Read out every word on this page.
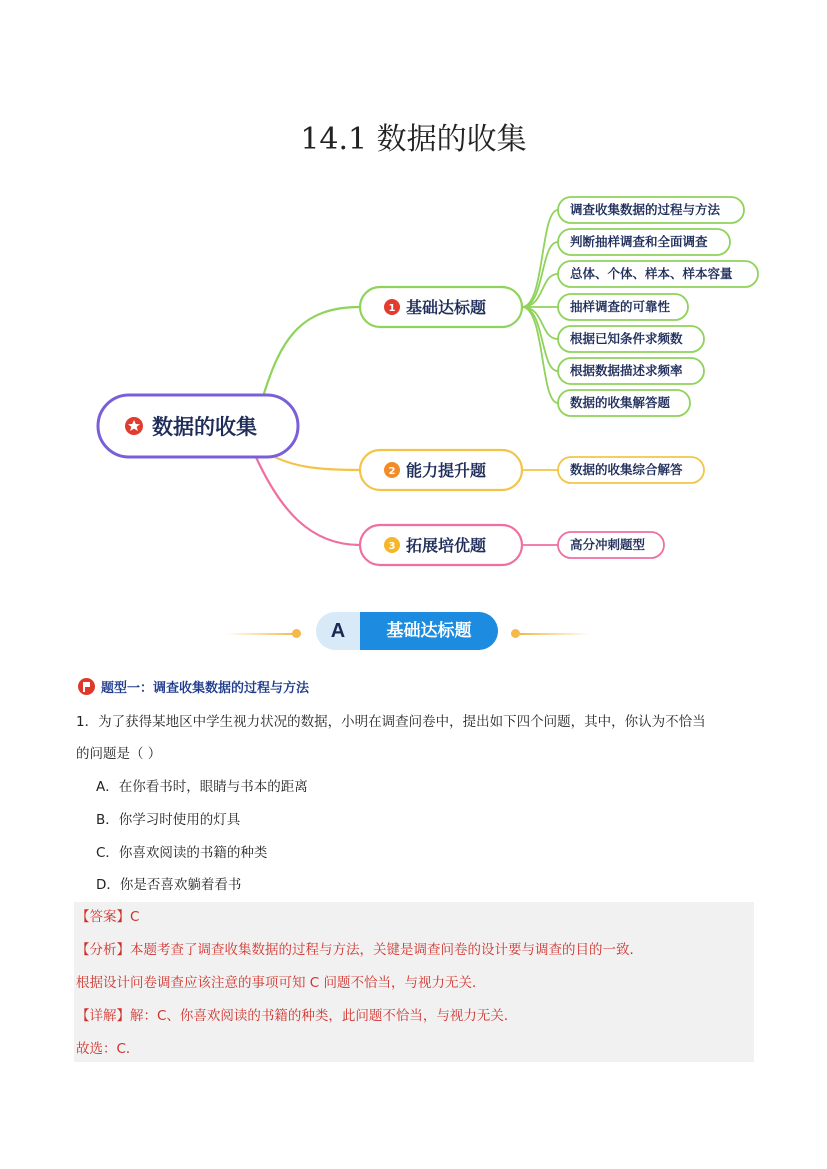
14.1 数据的收集
数据的收集
1 基础达标题
2 能力提升题
3 拓展培优题
调查收集数据的过程与方法
判断抽样调查和全面调查
总体、个体、样本、样本容量
抽样调查的可靠性
根据已知条件求频数
根据数据描述求频率
数据的收集解答题
数据的收集综合解答
高分冲刺题型
A	基础达标题
题型一：调查收集数据的过程与方法
1．为了获得某地区中学生视力状况的数据，小明在调查问卷中，提出如下四个问题，其中，你认为不恰当
的问题是（ ）
A．在你看书时，眼睛与书本的距离
B．你学习时使用的灯具
C．你喜欢阅读的书籍的种类
D．你是否喜欢躺着看书
【答案】C
【分析】本题考查了调查收集数据的过程与方法，关键是调查问卷的设计要与调查的目的一致．
根据设计问卷调查应该注意的事项可知 C 问题不恰当，与视力无关．
【详解】解：C、你喜欢阅读的书籍的种类，此问题不恰当，与视力无关．
故选：C．
